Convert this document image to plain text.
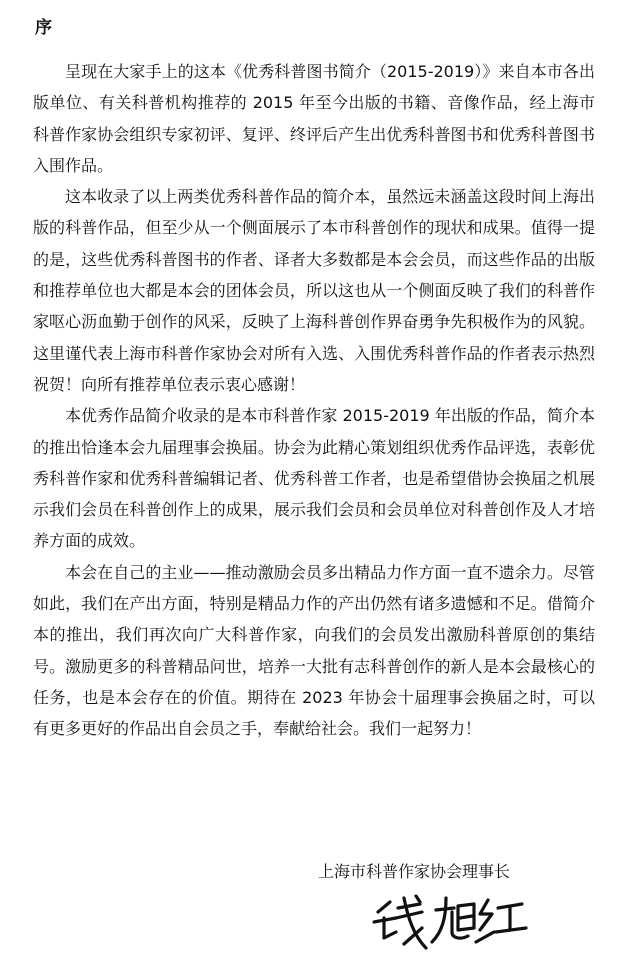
序

呈现在大家手上的这本《优秀科普图书简介（2015-2019）》来自本市各出版单位、有关科普机构推荐的 2015 年至今出版的书籍、音像作品，经上海市科普作家协会组织专家初评、复评、终评后产生出优秀科普图书和优秀科普图书入围作品。

这本收录了以上两类优秀科普作品的简介本，虽然远未涵盖这段时间上海出版的科普作品，但至少从一个侧面展示了本市科普创作的现状和成果。值得一提的是，这些优秀科普图书的作者、译者大多数都是本会会员，而这些作品的出版和推荐单位也大都是本会的团体会员，所以这也从一个侧面反映了我们的科普作家呕心沥血勤于创作的风采，反映了上海科普创作界奋勇争先积极作为的风貌。这里谨代表上海市科普作家协会对所有入选、入围优秀科普作品的作者表示热烈祝贺！向所有推荐单位表示衷心感谢！

本优秀作品简介收录的是本市科普作家 2015-2019 年出版的作品，简介本的推出恰逢本会九届理事会换届。协会为此精心策划组织优秀作品评选，表彰优秀科普作家和优秀科普编辑记者、优秀科普工作者，也是希望借协会换届之机展示我们会员在科普创作上的成果，展示我们会员和会员单位对科普创作及人才培养方面的成效。

本会在自己的主业——推动激励会员多出精品力作方面一直不遗余力。尽管如此，我们在产出方面，特别是精品力作的产出仍然有诸多遗憾和不足。借简介本的推出，我们再次向广大科普作家，向我们的会员发出激励科普原创的集结号。激励更多的科普精品问世，培养一大批有志科普创作的新人是本会最核心的任务，也是本会存在的价值。期待在 2023 年协会十届理事会换届之时，可以有更多更好的作品出自会员之手，奉献给社会。我们一起努力！

上海市科普作家协会理事长
